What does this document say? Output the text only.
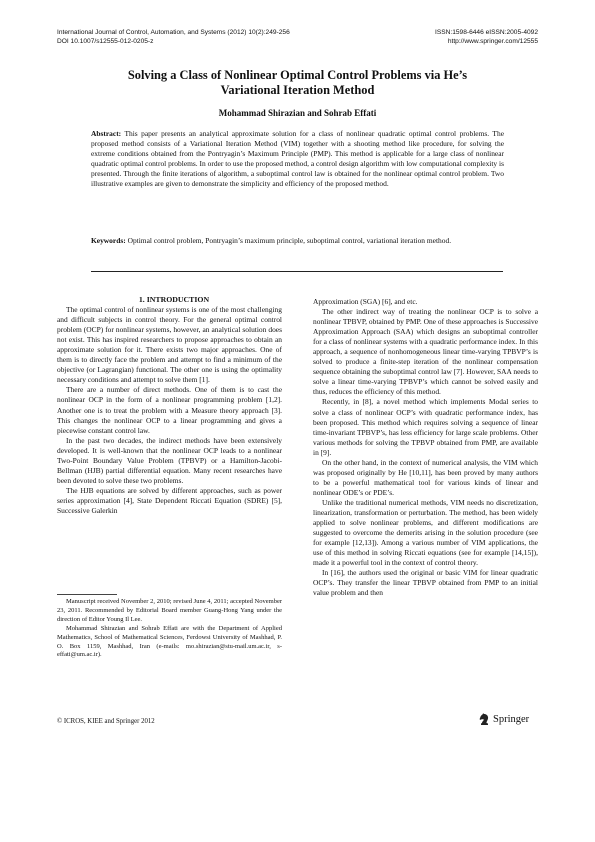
International Journal of Control, Automation, and Systems (2012) 10(2):249-256
DOI 10.1007/s12555-012-0205-z
ISSN:1598-6446 eISSN:2005-4092
http://www.springer.com/12555
Solving a Class of Nonlinear Optimal Control Problems via He’s
Variational Iteration Method
Mohammad Shirazian and Sohrab Effati
Abstract: This paper presents an analytical approximate solution for a class of nonlinear quadratic optimal control problems. The proposed method consists of a Variational Iteration Method (VIM) together with a shooting method like procedure, for solving the extreme conditions obtained from the Pontryagin’s Maximum Principle (PMP). This method is applicable for a large class of nonlinear quadratic optimal control problems. In order to use the proposed method, a control design algorithm with low computational complexity is presented. Through the finite iterations of algorithm, a suboptimal control law is obtained for the nonlinear optimal control problem. Two illustrative examples are given to demonstrate the simplicity and efficiency of the proposed method.
Keywords: Optimal control problem, Pontryagin’s maximum principle, suboptimal control, variational iteration method.

1. INTRODUCTION

The optimal control of nonlinear systems is one of the most challenging and difficult subjects in control theory. For the general optimal control problem (OCP) for nonlinear systems, however, an analytical solution does not exist. This has inspired researchers to propose approaches to obtain an approximate solution for it. There exists two major approaches. One of them is to directly face the problem and attempt to find a minimum of the objective (or Lagrangian) functional. The other one is using the optimality necessary conditions and attempt to solve them [1].

There are a number of direct methods. One of them is to cast the nonlinear OCP in the form of a nonlinear programming problem [1,2]. Another one is to treat the problem with a Measure theory approach [3]. This changes the nonlinear OCP to a linear programming and gives a piecewise constant control law.

In the past two decades, the indirect methods have been extensively developed. It is well-known that the nonlinear OCP leads to a nonlinear Two-Point Boundary Value Problem (TPBVP) or a Hamilton-Jacobi-Bellman (HJB) partial differential equation. Many recent researches have been devoted to solve these two problems.

The HJB equations are solved by different approaches, such as power series approximation [4], State Dependent Riccati Equation (SDRE) [5], Successive Galerkin

Manuscript received November 2, 2010; revised June 4, 2011; accepted November 23, 2011. Recommended by Editorial Board member Guang-Hong Yang under the direction of Editor Young Il Lee.

Mohammad Shirazian and Sohrab Effati are with the Department of Applied Mathematics, School of Mathematical Sciences, Ferdowsi University of Mashhad, P. O. Box 1159, Mashhad, Iran (e-mails: mo.shirazian@stu-mail.um.ac.ir, s-effati@um.ac.ir).

Approximation (SGA) [6], and etc.

The other indirect way of treating the nonlinear OCP is to solve a nonlinear TPBVP, obtained by PMP. One of these approaches is Successive Approximation Approach (SAA) which designs an suboptimal controller for a class of nonlinear systems with a quadratic performance index. In this approach, a sequence of nonhomogeneous linear time-varying TPBVP’s is solved to produce a finite-step iteration of the nonlinear compensation sequence obtaining the suboptimal control law [7]. However, SAA needs to solve a linear time-varying TPBVP’s which cannot be solved easily and thus, reduces the efficiency of this method.

Recently, in [8], a novel method which implements Modal series to solve a class of nonlinear OCP’s with quadratic performance index, has been proposed. This method which requires solving a sequence of linear time-invariant TPBVP’s, has less efficiency for large scale problems. Other various methods for solving the TPBVP obtained from PMP, are available in [9].

On the other hand, in the context of numerical analysis, the VIM which was proposed originally by He [10,11], has been proved by many authors to be a powerful mathematical tool for various kinds of linear and nonlinear ODE’s or PDE’s.

Unlike the traditional numerical methods, VIM needs no discretization, linearization, transformation or perturbation. The method, has been widely applied to solve nonlinear problems, and different modifications are suggested to overcome the demerits arising in the solution procedure (see for example [12,13]). Among a various number of VIM applications, the use of this method in solving Riccati equations (see for example [14,15]), made it a powerful tool in the context of control theory.

In [16], the authors used the original or basic VIM for linear quadratic OCP’s. They transfer the linear TPBVP obtained from PMP to an initial value problem and then

© ICROS, KIEE and Springer 2012	Springer
